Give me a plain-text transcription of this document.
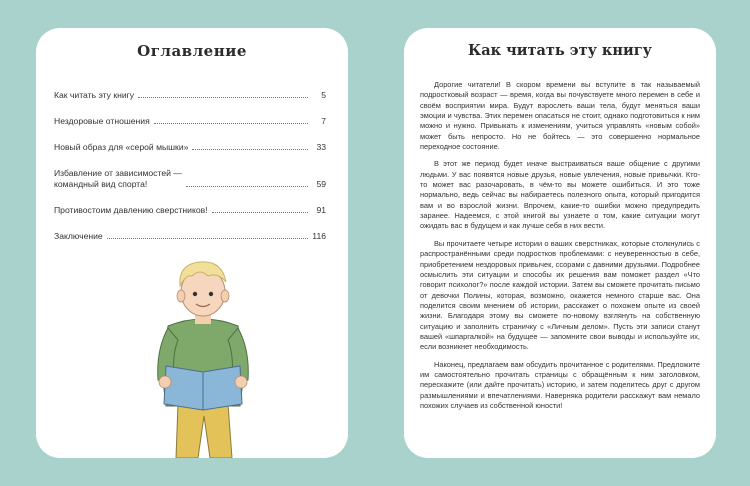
Оглавление
Как читать эту книгу	5
Нездоровые отношения	7
Новый образ для «серой мышки»	33
Избавление от зависимостей —
командный вид спорта!	59
Противостоим давлению сверстников!	91
Заключение	116
Как читать эту книгу

Дорогие читатели! В скором времени вы вступите в так называемый подростковый возраст — время, когда вы почувствуете много перемен в себе и своём восприятии мира. Будут взрослеть ваши тела, будут меняться ваши эмоции и чувства. Этих перемен опасаться не стоит, однако подготовиться к ним можно и нужно. Привыкать к изменениям, учиться управлять «новым собой» может быть непросто. Но не бойтесь — это совершенно нормальное переходное состояние.

В этот же период будет иначе выстраиваться ваше общение с другими людьми. У вас появятся новые друзья, новые увлечения, новые привычки. Кто-то может вас разочаровать, в чём-то вы можете ошибиться. И это тоже нормально, ведь сейчас вы набираетесь полезного опыта, который пригодится вам и во взрослой жизни. Впрочем, какие-то ошибки можно предупредить заранее. Надеемся, с этой книгой вы узнаете о том, какие ситуации могут ожидать вас в будущем и как лучше себя в них вести.

Вы прочитаете четыре истории о ваших сверстниках, которые столкнулись с распространёнными среди подростков проблемами: с неуверенностью в себе, приобретением нездоровых привычек, ссорами с давними друзьями. Подробнее осмыслить эти ситуации и способы их решения вам поможет раздел «Что говорит психолог?» после каждой истории. Затем вы сможете прочитать письмо от девочки Полины, которая, возможно, окажется немного старше вас. Она поделится своим мнением об истории, расскажет о похожем опыте из своей жизни. Благодаря этому вы сможете по-новому взглянуть на собственную ситуацию и заполнить страничку с «Личным делом». Пусть эти записи станут вашей «шпаргалкой» на будущее — запомните свои выводы и используйте их, если возникнет необходимость.

Наконец, предлагаем вам обсудить прочитанное с родителями. Предложите им самостоятельно прочитать страницы с обращённым к ним заголовком, перескажите (или дайте прочитать) историю, и затем поделитесь друг с другом размышлениями и впечатлениями. Наверняка родители расскажут вам немало похожих случаев из собственной юности!
